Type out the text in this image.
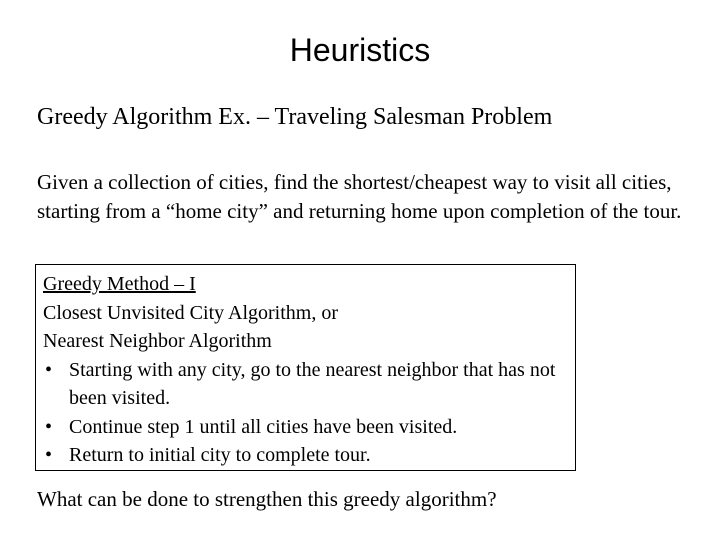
Heuristics

Greedy Algorithm Ex. – Traveling Salesman Problem

Given a collection of cities, find the shortest/cheapest way to visit all cities, starting from a “home city” and returning home upon completion of the tour.

Greedy Method – I
Closest Unvisited City Algorithm, or
Nearest Neighbor Algorithm
• Starting with any city, go to the nearest neighbor that has not been visited.
• Continue step 1 until all cities have been visited.
• Return to initial city to complete tour.

What can be done to strengthen this greedy algorithm?
